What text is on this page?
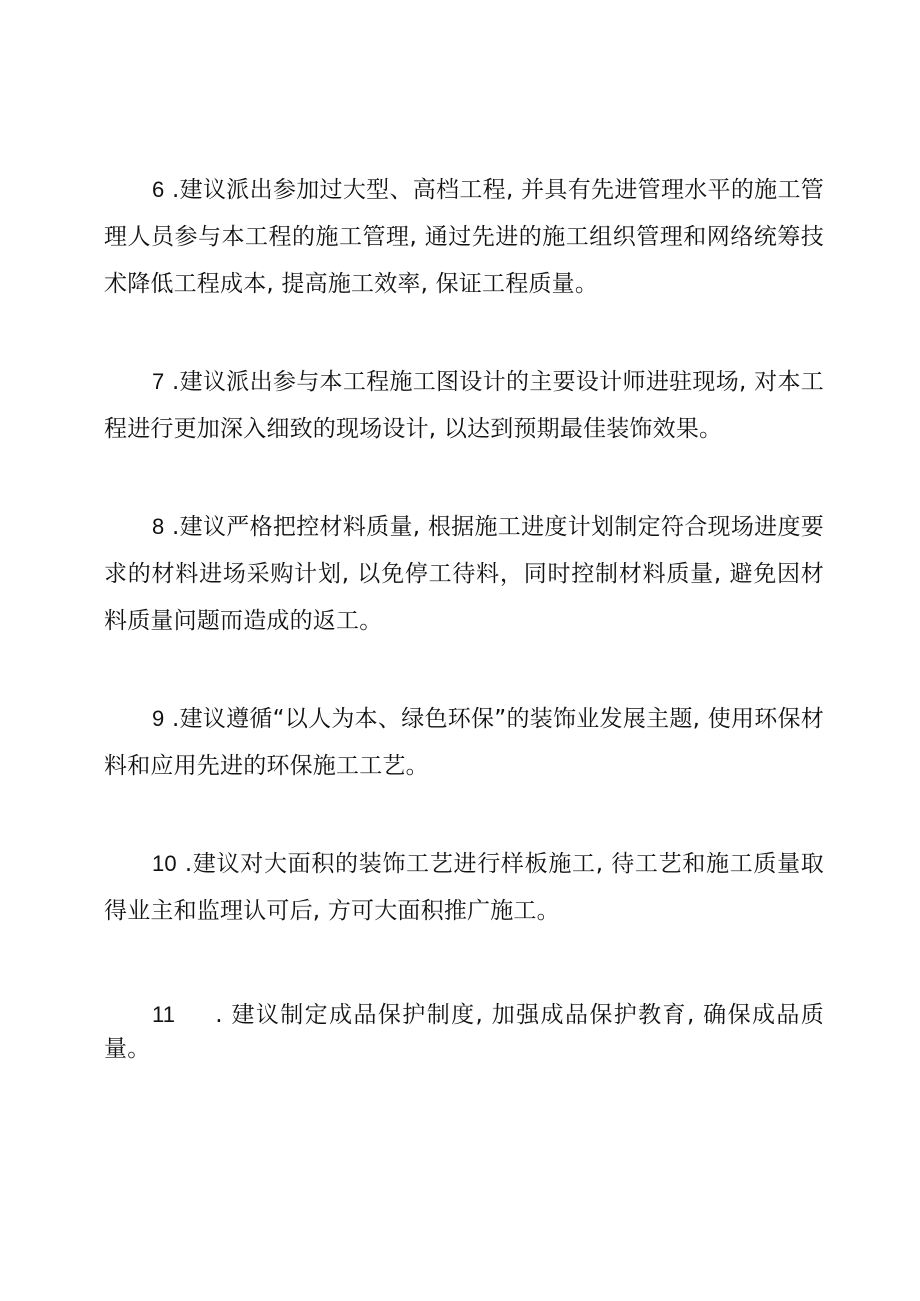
6 .建议派出参加过大型、高档工程, 并具有先进管理水平的施工管理人员参与本工程的施工管理, 通过先进的施工组织管理和网络统筹技术降低工程成本, 提高施工效率, 保证工程质量。

7 .建议派出参与本工程施工图设计的主要设计师进驻现场, 对本工程进行更加深入细致的现场设计, 以达到预期最佳装饰效果。

8 .建议严格把控材料质量, 根据施工进度计划制定符合现场进度要求的材料进场采购计划, 以免停工待料，同时控制材料质量, 避免因材料质量问题而造成的返工。

9 .建议遵循“以人为本、绿色环保”的装饰业发展主题, 使用环保材料和应用先进的环保施工工艺。

10 .建议对大面积的装饰工艺进行样板施工, 待工艺和施工质量取得业主和监理认可后, 方可大面积推广施工。

11 . 建议制定成品保护制度, 加强成品保护教育, 确保成品质量。
